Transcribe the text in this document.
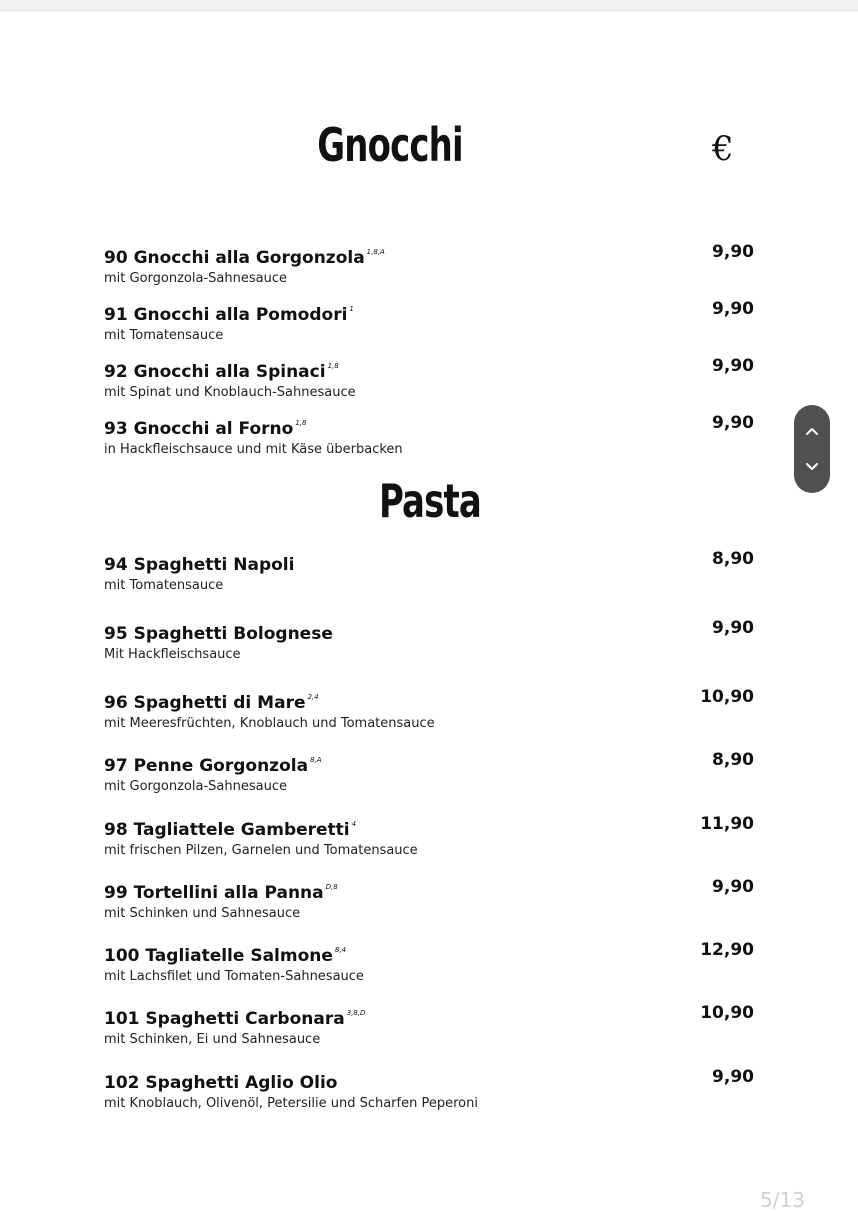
Gnocchi	€
90 Gnocchi alla Gorgonzola $^{1,8,A}$
mit Gorgonzola-Sahnesauce
9,90
91 Gnocchi alla Pomodori $^1$
mit Tomatensauce
9,90
92 Gnocchi alla Spinaci $^{1,8}$
mit Spinat und Knoblauch-Sahnesauce
9,90
93 Gnocchi al Forno $^{1,8}$
in Hackfleischsauce und mit Käse überbacken
9,90
Pasta
94 Spaghetti Napoli
mit Tomatensauce
8,90
95 Spaghetti Bolognese
Mit Hackfleischsauce
9,90
96 Spaghetti di Mare $^{2,4}$
mit Meeresfrüchten, Knoblauch und Tomatensauce
10,90
97 Penne Gorgonzola $^{8,A}$
mit Gorgonzola-Sahnesauce
8,90
98 Tagliattele Gamberetti $^4$
mit frischen Pilzen, Garnelen und Tomatensauce
11,90
99 Tortellini alla Panna $^{D,8}$
mit Schinken und Sahnesauce
9,90
100 Tagliatelle Salmone $^{8,4}$
mit Lachsfilet und Tomaten-Sahnesauce
12,90
101 Spaghetti Carbonara $^{3,8,D}$
mit Schinken, Ei und Sahnesauce
10,90
102 Spaghetti Aglio Olio
mit Knoblauch, Olivenöl, Petersilie und Scharfen Peperoni
9,90
5/13
